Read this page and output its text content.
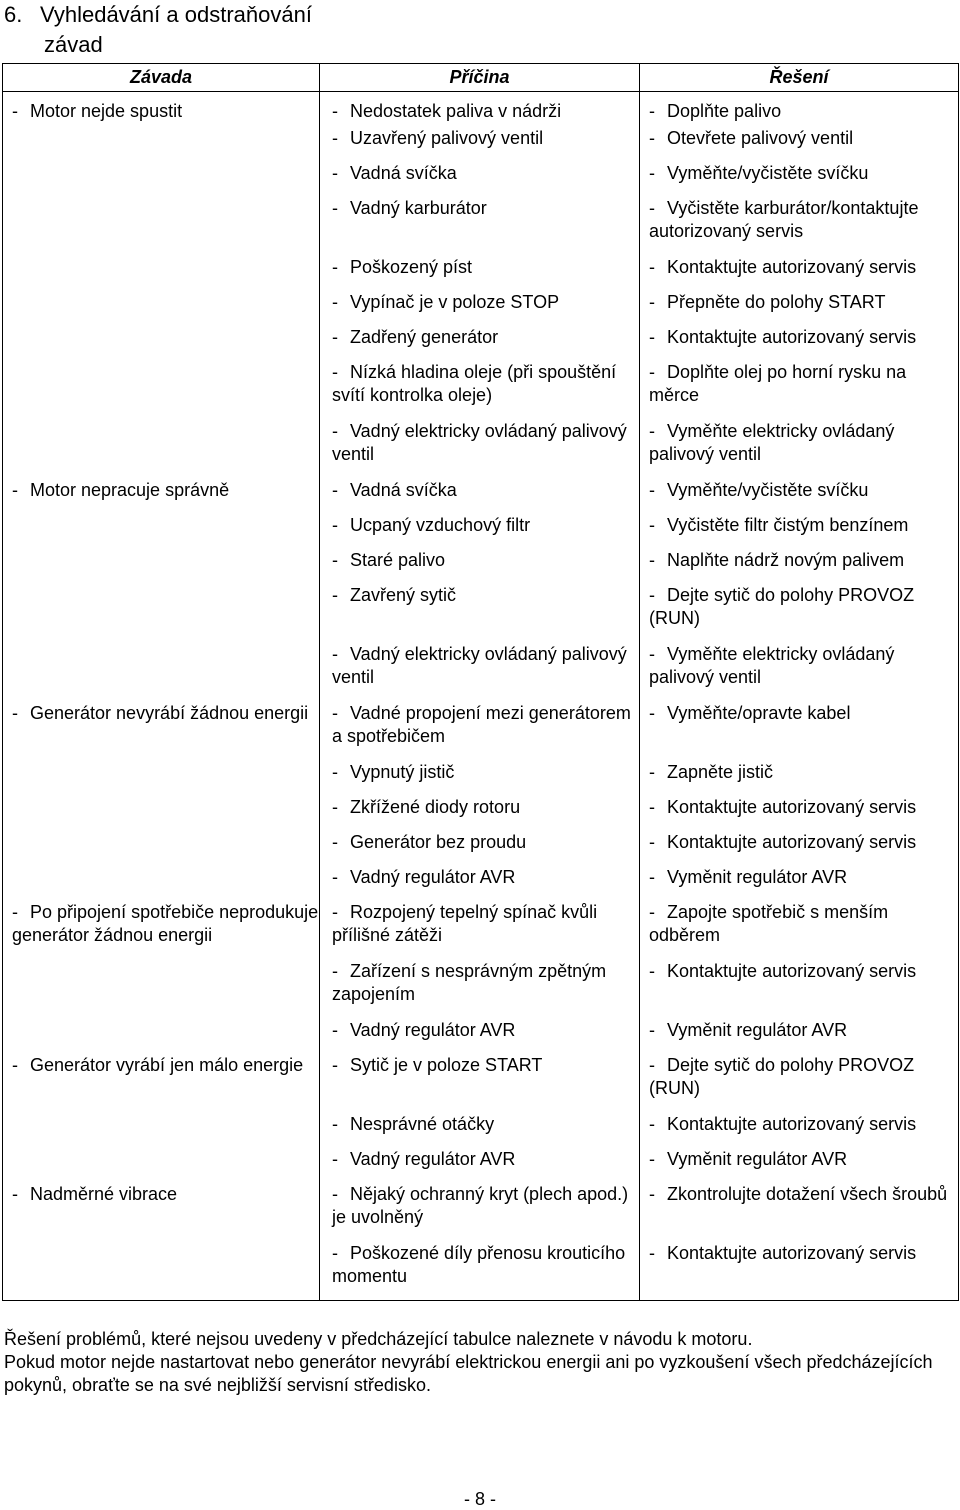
6. Vyhledávání a odstraňování
závad
Závada	Příčina	Řešení
- Motor nejde spustit	- Nedostatek paliva v nádrži	- Doplňte palivo
	- Uzavřený palivový ventil	- Otevřete palivový ventil
	- Vadná svíčka	- Vyměňte/vyčistěte svíčku
	- Vadný karburátor	- Vyčistěte karburátor/kontaktujte autorizovaný servis
	- Poškozený píst	- Kontaktujte autorizovaný servis
	- Vypínač je v poloze STOP	- Přepněte do polohy START
	- Zadřený generátor	- Kontaktujte autorizovaný servis
	- Nízká hladina oleje (při spouštění svítí kontrolka oleje)	- Doplňte olej po horní rysku na měrce
	- Vadný elektricky ovládaný palivový ventil	- Vyměňte elektricky ovládaný palivový ventil
- Motor nepracuje správně	- Vadná svíčka	- Vyměňte/vyčistěte svíčku
	- Ucpaný vzduchový filtr	- Vyčistěte filtr čistým benzínem
	- Staré palivo	- Naplňte nádrž novým palivem
	- Zavřený sytič	- Dejte sytič do polohy PROVOZ (RUN)
	- Vadný elektricky ovládaný palivový ventil	- Vyměňte elektricky ovládaný palivový ventil
- Generátor nevyrábí žádnou energii	- Vadné propojení mezi generátorem a spotřebičem	- Vyměňte/opravte kabel
	- Vypnutý jistič	- Zapněte jistič
	- Zkřížené diody rotoru	- Kontaktujte autorizovaný servis
	- Generátor bez proudu	- Kontaktujte autorizovaný servis
	- Vadný regulátor AVR	- Vyměnit regulátor AVR
- Po připojení spotřebiče neprodukuje generátor žádnou energii	- Rozpojený tepelný spínač kvůli přílišné zátěži	- Zapojte spotřebič s menším odběrem
	- Zařízení s nesprávným zpětným zapojením	- Kontaktujte autorizovaný servis
	- Vadný regulátor AVR	- Vyměnit regulátor AVR
- Generátor vyrábí jen málo energie	- Sytič je v poloze START	- Dejte sytič do polohy PROVOZ (RUN)
	- Nesprávné otáčky	- Kontaktujte autorizovaný servis
	- Vadný regulátor AVR	- Vyměnit regulátor AVR
- Nadměrné vibrace	- Nějaký ochranný kryt (plech apod.) je uvolněný	- Zkontrolujte dotažení všech šroubů
	- Poškozené díly přenosu krouticího momentu	- Kontaktujte autorizovaný servis
Řešení problémů, které nejsou uvedeny v předcházející tabulce naleznete v návodu k motoru.
Pokud motor nejde nastartovat nebo generátor nevyrábí elektrickou energii ani po vyzkoušení všech předcházejících pokynů, obraťte se na své nejbližší servisní středisko.
- 8 -
